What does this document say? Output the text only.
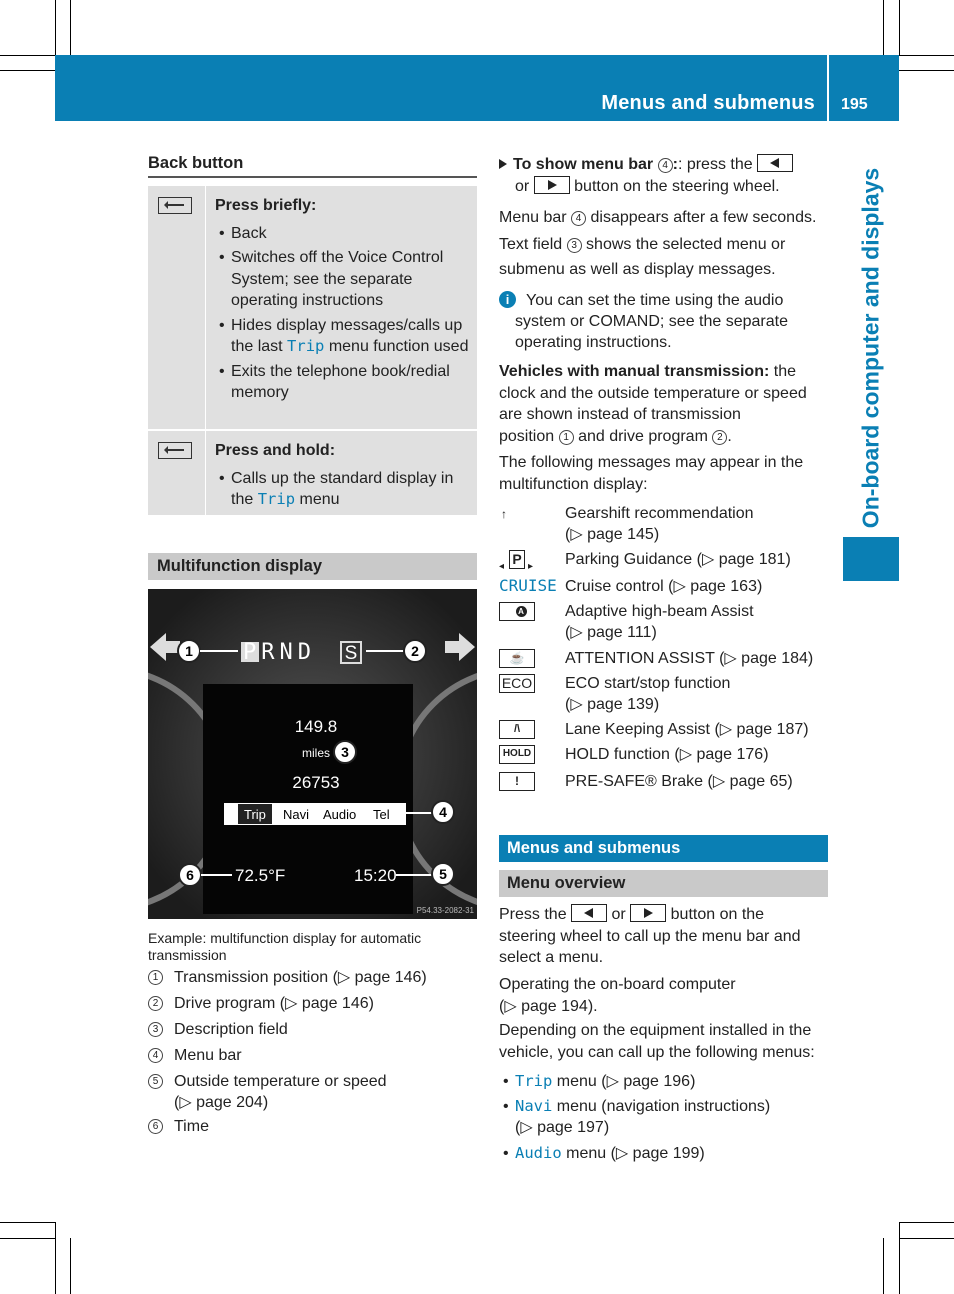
Menus and submenus 195
On-board computer and displays
Back button
Press briefly:
• Back
• Switches off the Voice Control System; see the separate operating instructions
• Hides display messages/calls up the last Trip menu function used
• Exits the telephone book/redial memory
Press and hold:
• Calls up the standard display in the Trip menu
Multifunction display
1 PRND S	2
149.8
miles 3
26753
Trip Navi Audio Tel	4
6 72.5°F	15:20	5
P54.33-2082-31
Example: multifunction display for automatic transmission
1 Transmission position (▷ page 146)
2 Drive program (▷ page 146)
3 Description field
4 Menu bar
5 Outside temperature or speed
(▷ page 204)
6 Time
To show menu bar 4 :: press the
or	button on the steering wheel.
Menu bar 4 disappears after a few seconds.
Text field 3 shows the selected menu or
submenu as well as display messages.
i You can set the time using the audio
system or COMAND; see the separate
operating instructions.
Vehicles with manual transmission: the
clock and the outside temperature or speed
are shown instead of transmission
position 1 and drive program 2 .
The following messages may appear in the
multifunction display:
↑	Gearshift recommendation
(▷ page 145)
◂ P ▸ Parking Guidance (▷ page 181)
CRUISE Cruise control (▷ page 163)
A	Adaptive high-beam Assist
(▷ page 111)
☕	ATTENTION ASSIST (▷ page 184)
ECO ECO start/stop function
(▷ page 139)
/\	Lane Keeping Assist (▷ page 187)
HOLD HOLD function (▷ page 176)
!	PRE-SAFE® Brake (▷ page 65)
Menus and submenus
Menu overview
Press the	or	button on the
steering wheel to call up the menu bar and
select a menu.
Operating the on-board computer
(▷ page 194).
Depending on the equipment installed in the
vehicle, you can call up the following menus:
• Trip menu (▷ page 196)
• Navi menu (navigation instructions)
(▷ page 197)
• Audio menu (▷ page 199)
